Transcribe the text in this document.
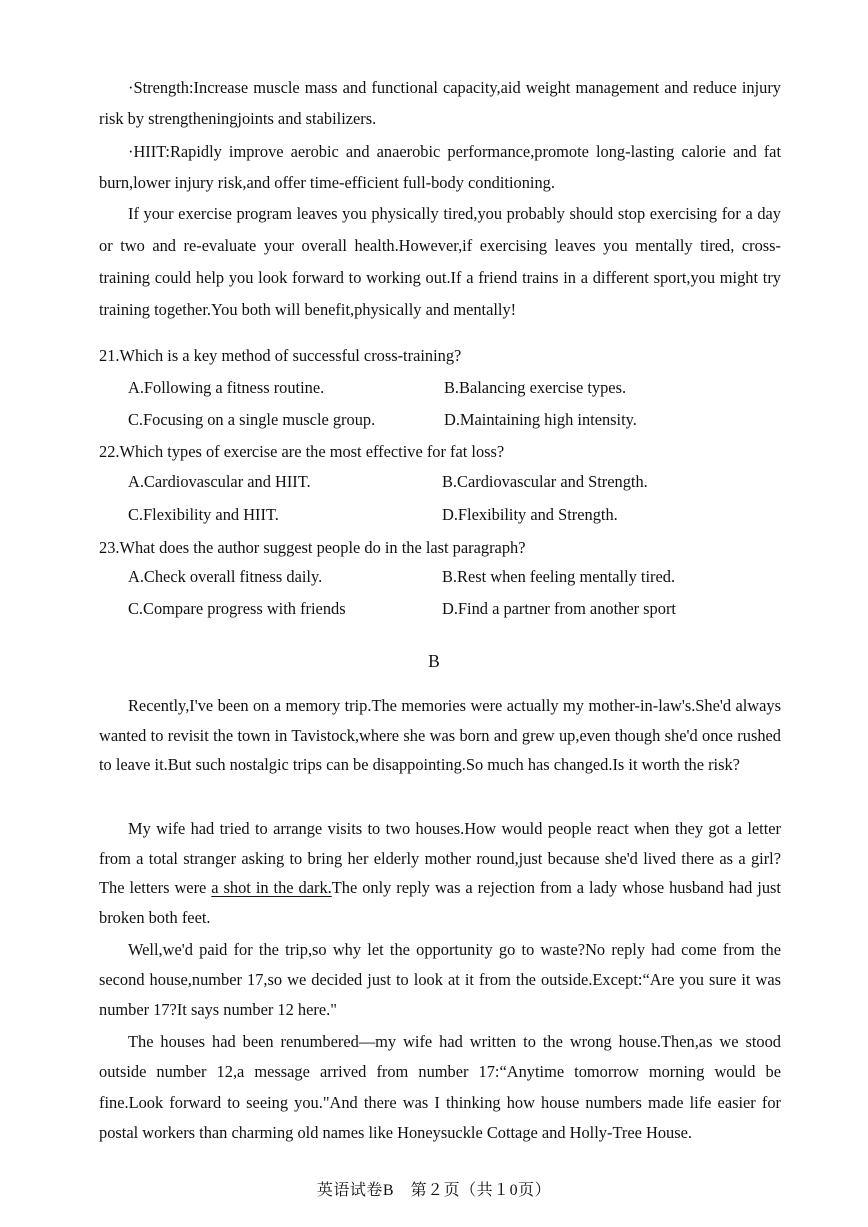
·Strength:Increase muscle mass and functional capacity,aid weight management and reduce injury risk by strengtheningjoints and stabilizers.

·HIIT:Rapidly improve aerobic and anaerobic performance,promote long-lasting calorie and fat burn,lower injury risk,and offer time-efficient full-body conditioning.

If your exercise program leaves you physically tired,you probably should stop exercising for a day or two and re-evaluate your overall health.However,if exercising leaves you mentally tired, cross-training could help you look forward to working out.If a friend trains in a different sport,you might try training together.You both will benefit,physically and mentally!

21.Which is a key method of successful cross-training?

A.Following a fitness routine.	B.Balancing exercise types.
C.Focusing on a single muscle group.	D.Maintaining high intensity.

22.Which types of exercise are the most effective for fat loss?

A.Cardiovascular and HIIT.	B.Cardiovascular and Strength.
C.Flexibility and HIIT.	D.Flexibility and Strength.

23.What does the author suggest people do in the last paragraph?

A.Check overall fitness daily.	B.Rest when feeling mentally tired.
C.Compare progress with friends	D.Find a partner from another sport
B

Recently,I've been on a memory trip.The memories were actually my mother-in-law's.She'd always wanted to revisit the town in Tavistock,where she was born and grew up,even though she'd once rushed to leave it.But such nostalgic trips can be disappointing.So much has changed.Is it worth the risk?

My wife had tried to arrange visits to two houses.How would people react when they got a letter from a total stranger asking to bring her elderly mother round,just because she'd lived there as a girl?The letters were a shot in the dark.The only reply was a rejection from a lady whose husband had just broken both feet.

Well,we'd paid for the trip,so why let the opportunity go to waste?No reply had come from the second house,number 17,so we decided just to look at it from the outside.Except:“Are you sure it was number 17?It says number 12 here."

The houses had been renumbered—my wife had written to the wrong house.Then,as we stood outside number 12,a message arrived from number 17:“Anytime tomorrow morning would be fine.Look forward to seeing you."And there was I thinking how house numbers made life easier for postal workers than charming old names like Honeysuckle Cottage and Holly-Tree House.

英语试卷B　第２页（共１0页）
